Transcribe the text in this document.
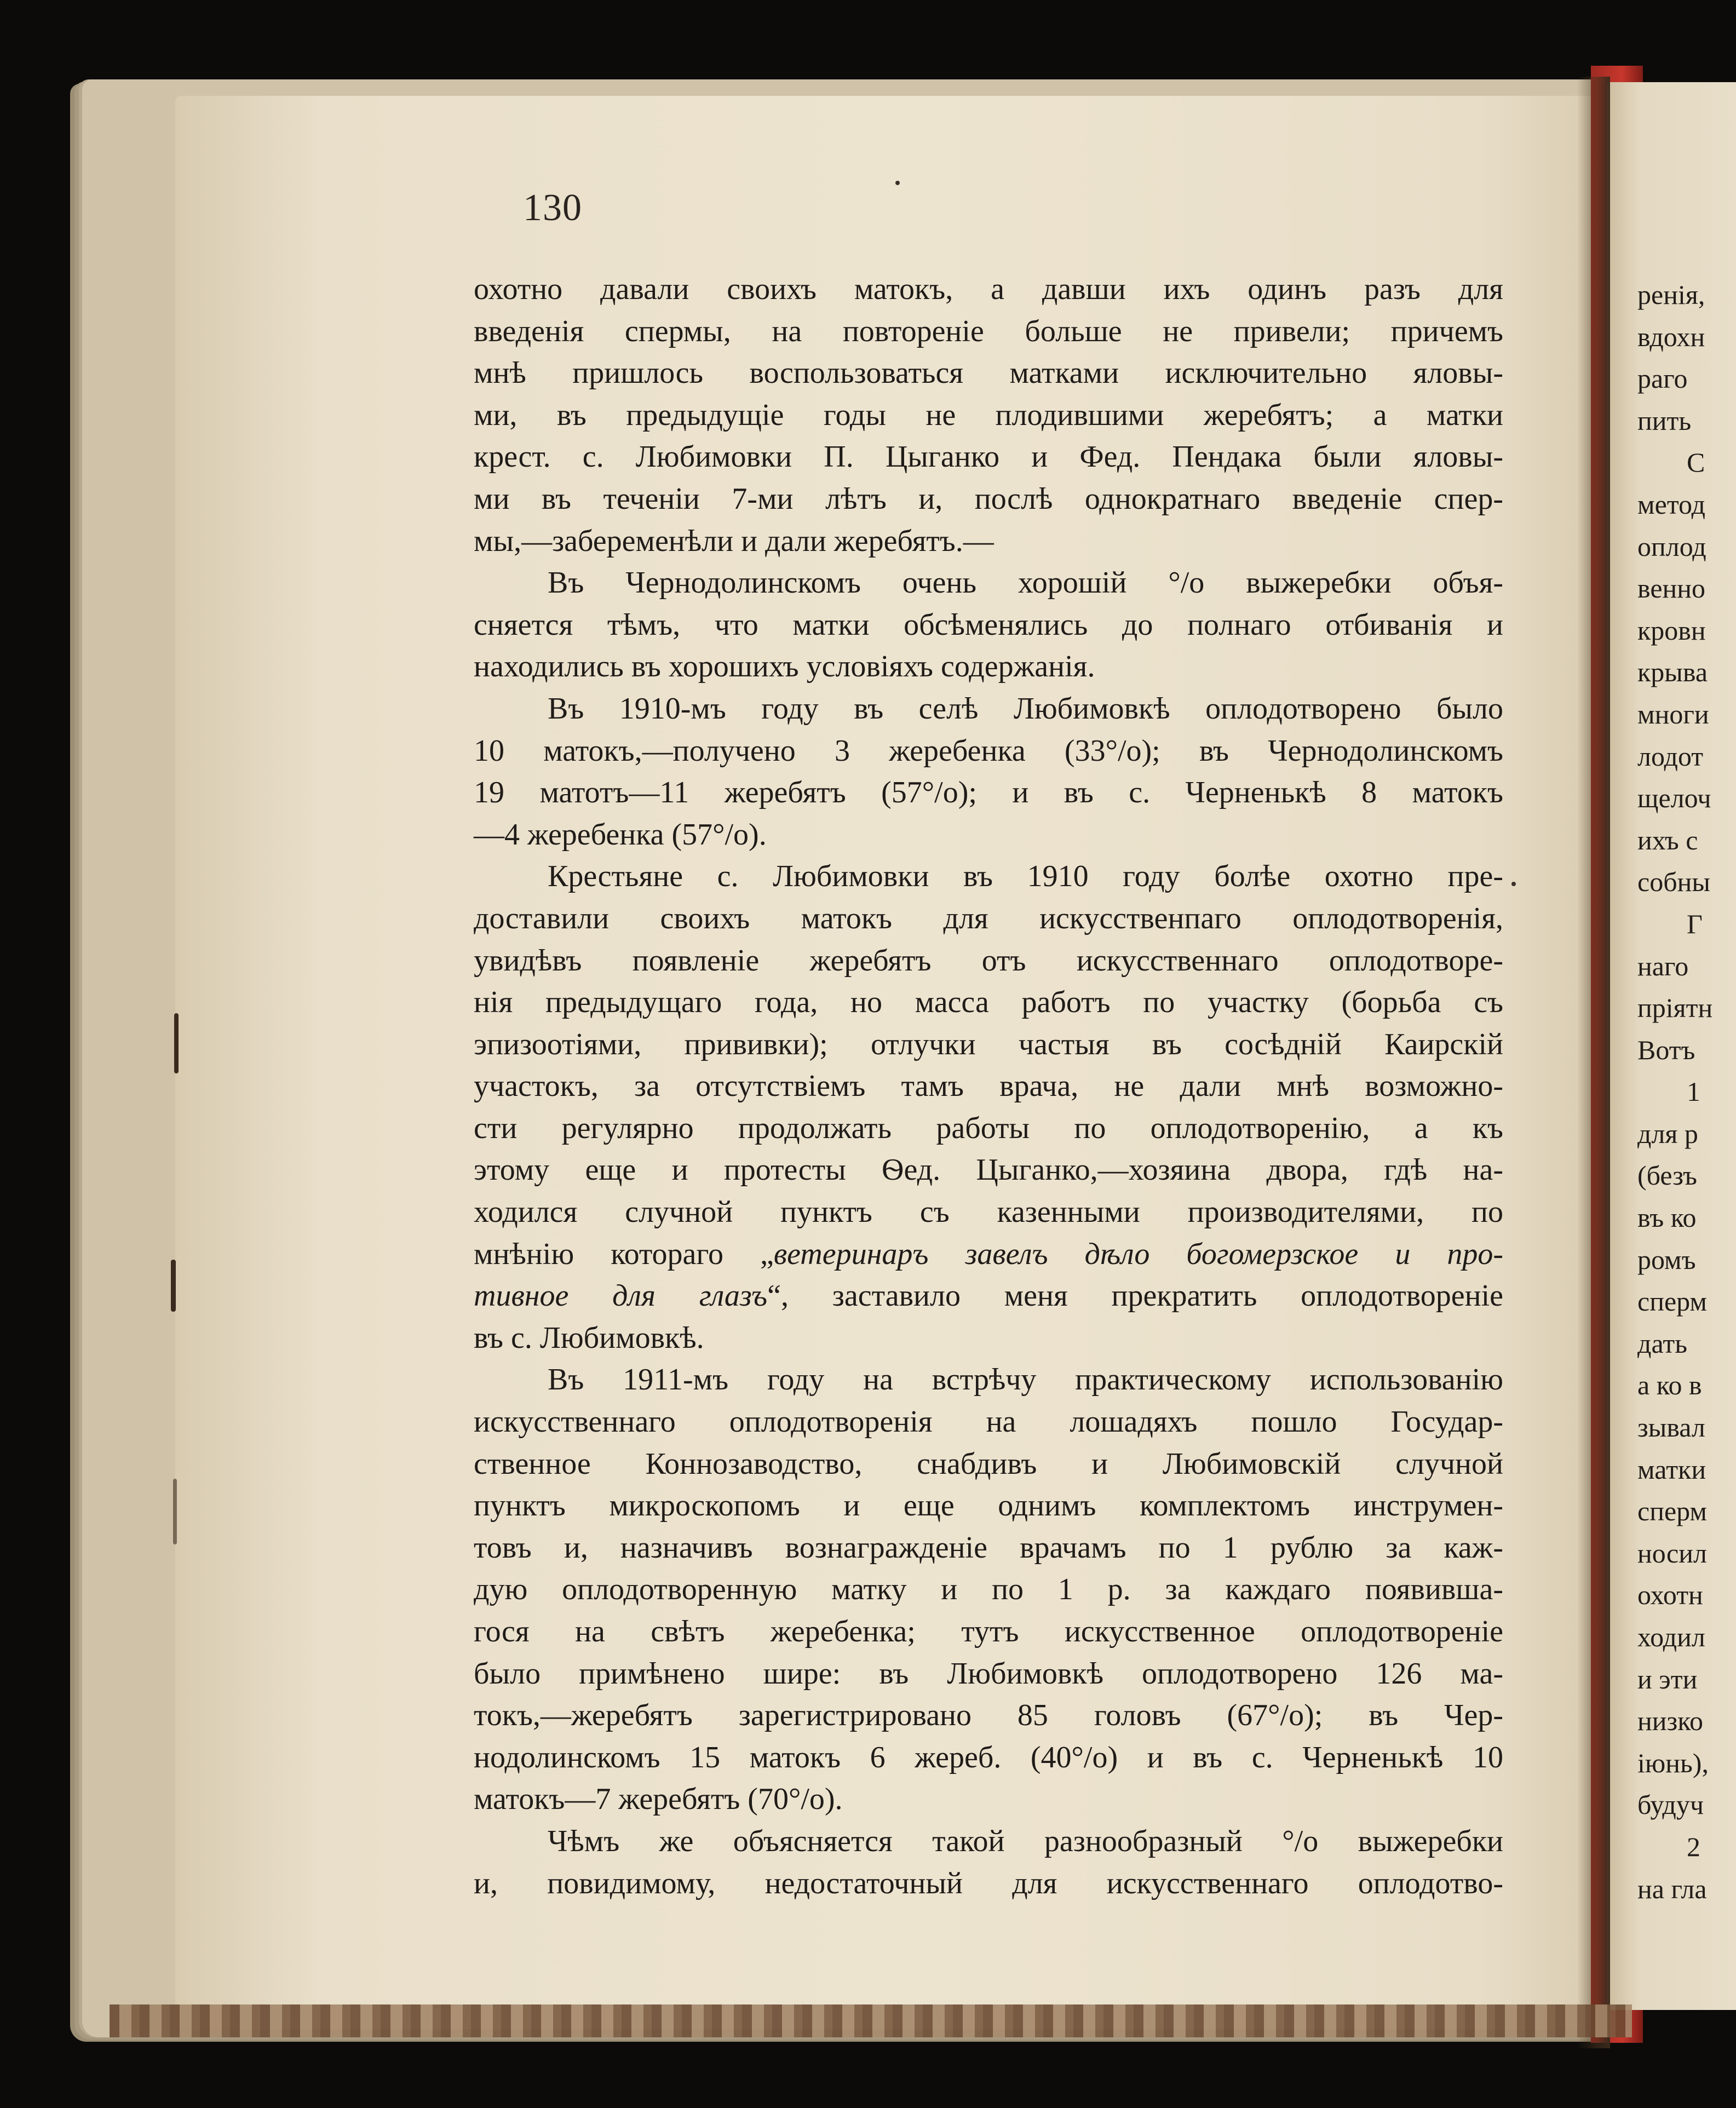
130
охотно давали своихъ матокъ, а давши ихъ одинъ разъ для
введенія спермы, на повтореніе больше не привели; причемъ
мнѣ пришлось воспользоваться матками исключительно яловы-
ми, въ предыдущіе годы не плодившими жеребятъ; а матки
крест. с. Любимовки П. Цыганко и Фед. Пендака были яловы-
ми въ теченіи 7-ми лѣтъ и, послѣ однократнаго введеніе спер-
мы,—забеременѣли и дали жеребятъ.—
Въ Чернодолинскомъ очень хорошій °/о выжеребки объя-
сняется тѣмъ, что матки обсѣменялись до полнаго отбиванія и
находились въ хорошихъ условіяхъ содержанія.
Въ 1910-мъ году въ селѣ Любимовкѣ оплодотворено было
10 матокъ,—получено 3 жеребенка (33°/о); въ Чернодолинскомъ
19 матотъ—11 жеребятъ (57°/о); и въ с. Черненькѣ 8 матокъ
—4 жеребенка (57°/о).
Крестьяне с. Любимовки въ 1910 году болѣе охотно пре-
доставили своихъ матокъ для искусственпаго оплодотворенія,
увидѣвъ появленіе жеребятъ отъ искусственнаго оплодотворе-
нія предыдущаго года, но масса работъ по участку (борьба съ
эпизоотіями, прививки); отлучки частыя въ сосѣдній Каирскій
участокъ, за отсутствіемъ тамъ врача, не дали мнѣ возможно-
сти регулярно продолжать работы по оплодотворенію, а къ
этому еще и протесты Ѳед. Цыганко,—хозяина двора, гдѣ на-
ходился случной пунктъ съ казенными производителями, по
мнѣнію котораго „ветеринаръ завелъ дѣло богомерзское и про-
тивное для глазъ“, заставило меня прекратить оплодотвореніе
въ с. Любимовкѣ.
Въ 1911-мъ году на встрѣчу практическому использованію
искусственнаго оплодотворенія на лошадяхъ пошло Государ-
ственное Коннозаводство, снабдивъ и Любимовскій случной
пунктъ микроскопомъ и еще однимъ комплектомъ инструмен-
товъ и, назначивъ вознагражденіе врачамъ по 1 рублю за каж-
дую оплодотворенную матку и по 1 р. за каждаго появивша-
гося на свѣтъ жеребенка; тутъ искусственное оплодотвореніе
было примѣнено шире: въ Любимовкѣ оплодотворено 126 ма-
токъ,—жеребятъ зарегистрировано 85 головъ (67°/о); въ Чер-
нодолинскомъ 15 матокъ 6 жереб. (40°/о) и въ с. Черненькѣ 10
матокъ—7 жеребятъ (70°/о).
Чѣмъ же объясняется такой разнообразный °/о выжеребки
и, повидимому, недостаточный для искусственнаго оплодотво-
ренія,
вдохн
раго
пить
С
метод
оплод
венно
кровн
крыва
многи
лодот
щелоч
ихъ с
собны
Г
наго
пріятн
Вотъ
1
для р
(безъ
въ ко
ромъ
сперм
дать
а ко в
зывал
матки
сперм
носил
охотн
ходил
и эти
низко
іюнь),
будуч
2
на гла
